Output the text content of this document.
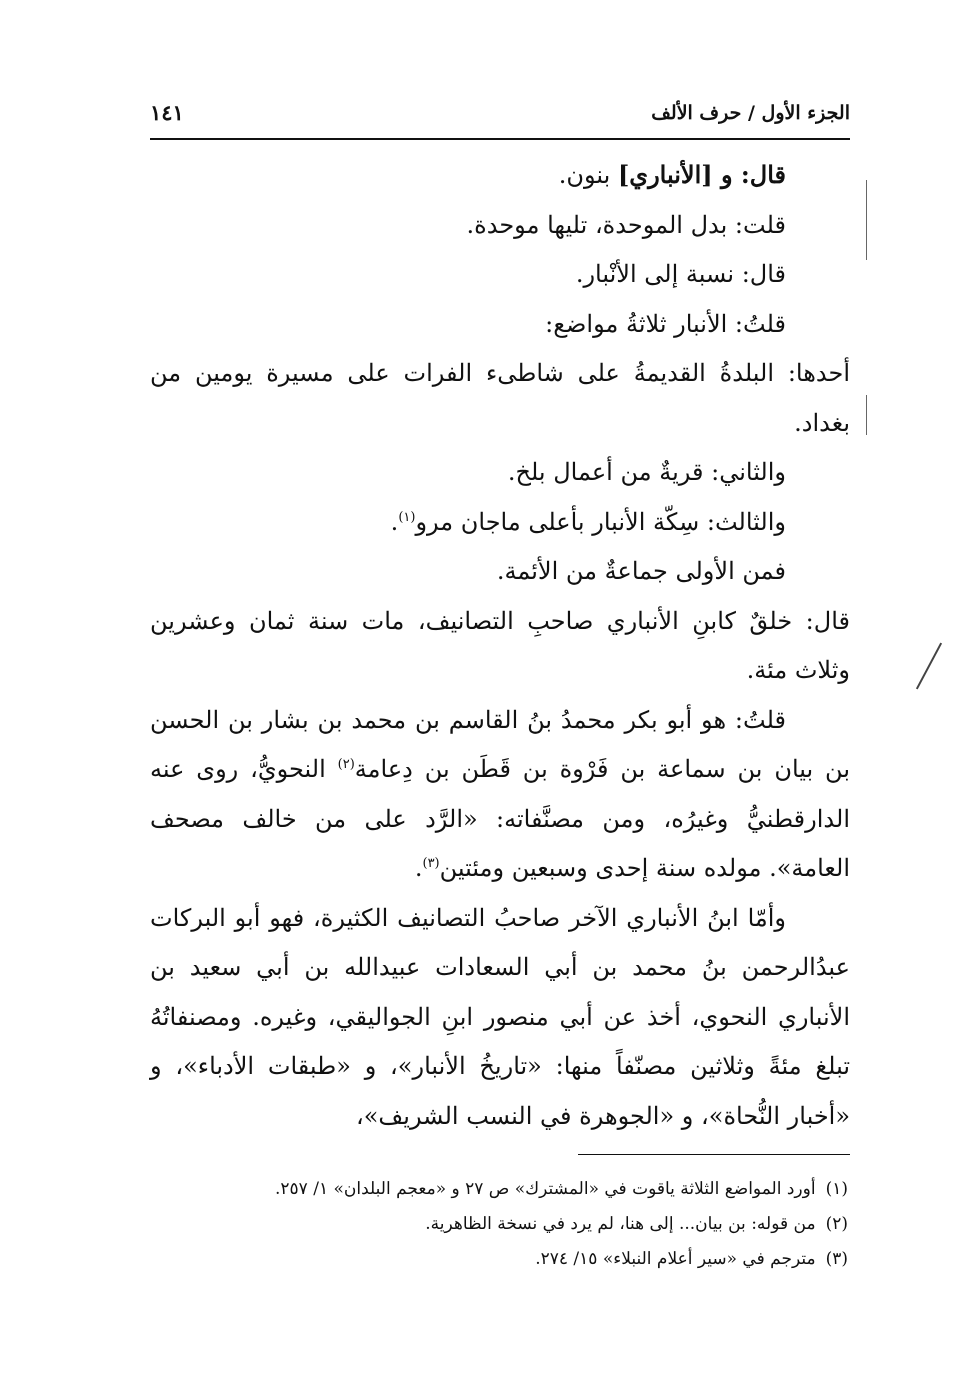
الجزء الأول / حرف الألف
١٤١

قال: و [الأنباري] بنون.

قلت: بدل الموحدة، تليها موحدة.

قال: نسبة إلى الأنْبار.

قلتُ: الأنبار ثلاثةُ مواضع:

أحدها: البلدةُ القديمةُ على شاطىء الفرات على مسيرة يومين من بغداد.

والثاني: قريةٌ من أعمال بلخ.

والثالث: سِكّة الأنبار بأعلى ماجان مرو$^{(١)}$.

فمن الأولى جماعةٌ من الأئمة.

قال: خلقٌ كابنِ الأنباري صاحبِ التصانيف، مات سنة ثمان وعشرين وثلاث مئة.

قلتُ: هو أبو بكر محمدُ بنُ القاسم بن محمد بن بشار بن الحسن بن بيان بن سماعة بن فَرْوة بن قَطَن بن دِعامة$^{(٢)}$ النحويُّ، روى عنه الدارقطنيُّ وغيرُه، ومن مصنَّفاته: «الرَّد على من خالف مصحف العامة». مولده سنة إحدى وسبعين ومئتين$^{(٣)}$.

وأمّا ابنُ الأنباري الآخر صاحبُ التصانيف الكثيرة، فهو أبو البركات عبدُالرحمن بنُ محمد بن أبي السعادات عبيدالله بن أبي سعيد بن الأنباري النحوي، أخذ عن أبي منصور ابنِ الجواليقي، وغيره. ومصنفاتُهُ تبلغ مئةً وثلاثين مصنّفاً منها: «تاريخُ الأنبار»، و «طبقات الأدباء»، و «أخبار النُّحاة»، و «الجوهرة في النسب الشريف»،

(١)أورد المواضع الثلاثة ياقوت في «المشترك» ص ٢٧ و «معجم البلدان» ١/ ٢٥٧.

(٢)من قوله: بن بيان... إلى هنا، لم يرد في نسخة الظاهرية.

(٣)مترجم في «سير أعلام النبلاء» ١٥/ ٢٧٤.
